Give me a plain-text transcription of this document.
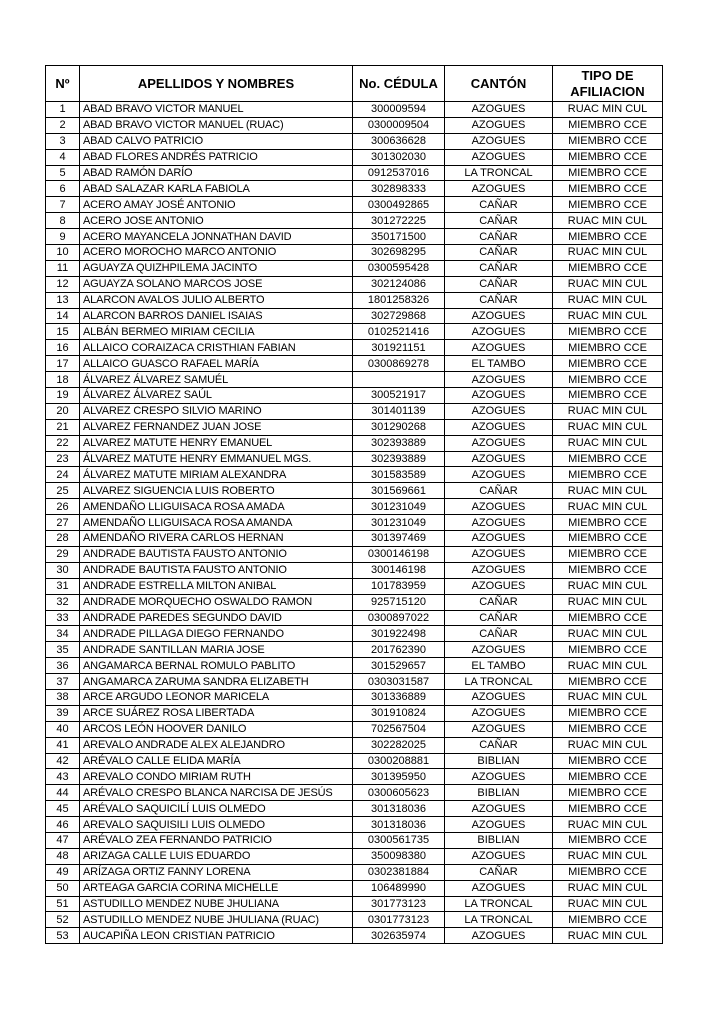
Nº	APELLIDOS Y NOMBRES	No. CÉDULA	CANTÓN	TIPO DE AFILIACION
1	ABAD BRAVO VICTOR MANUEL	300009594	AZOGUES	RUAC MIN CUL
2	ABAD BRAVO VICTOR MANUEL (RUAC)	0300009504	AZOGUES	MIEMBRO CCE
3	ABAD CALVO PATRICIO	300636628	AZOGUES	MIEMBRO CCE
4	ABAD FLORES ANDRÉS PATRICIO	301302030	AZOGUES	MIEMBRO CCE
5	ABAD RAMÓN DARÍO	0912537016	LA TRONCAL	MIEMBRO CCE
6	ABAD SALAZAR KARLA FABIOLA	302898333	AZOGUES	MIEMBRO CCE
7	ACERO AMAY JOSÉ ANTONIO	0300492865	CAÑAR	MIEMBRO CCE
8	ACERO JOSE ANTONIO	301272225	CAÑAR	RUAC MIN CUL
9	ACERO MAYANCELA JONNATHAN DAVID	350171500	CAÑAR	MIEMBRO CCE
10	ACERO MOROCHO MARCO ANTONIO	302698295	CAÑAR	RUAC MIN CUL
11	AGUAYZA QUIZHPILEMA JACINTO	0300595428	CAÑAR	MIEMBRO CCE
12	AGUAYZA SOLANO MARCOS JOSE	302124086	CAÑAR	RUAC MIN CUL
13	ALARCON AVALOS JULIO ALBERTO	1801258326	CAÑAR	RUAC MIN CUL
14	ALARCON BARROS DANIEL ISAIAS	302729868	AZOGUES	RUAC MIN CUL
15	ALBÁN BERMEO MIRIAM CECILIA	0102521416	AZOGUES	MIEMBRO CCE
16	ALLAICO CORAIZACA CRISTHIAN FABIAN	301921151	AZOGUES	MIEMBRO CCE
17	ALLAICO GUASCO RAFAEL MARÍA	0300869278	EL TAMBO	MIEMBRO CCE
18	ÁLVAREZ ÁLVAREZ SAMUÉL		AZOGUES	MIEMBRO CCE
19	ÁLVAREZ ÁLVAREZ SAÚL	300521917	AZOGUES	MIEMBRO CCE
20	ALVAREZ CRESPO SILVIO MARINO	301401139	AZOGUES	RUAC MIN CUL
21	ALVAREZ FERNANDEZ JUAN JOSE	301290268	AZOGUES	RUAC MIN CUL
22	ALVAREZ MATUTE HENRY EMANUEL	302393889	AZOGUES	RUAC MIN CUL
23	ÁLVAREZ MATUTE HENRY EMMANUEL MGS.	302393889	AZOGUES	MIEMBRO CCE
24	ÁLVAREZ MATUTE MIRIAM ALEXANDRA	301583589	AZOGUES	MIEMBRO CCE
25	ALVAREZ SIGUENCIA LUIS ROBERTO	301569661	CAÑAR	RUAC MIN CUL
26	AMENDAÑO LLIGUISACA ROSA AMADA	301231049	AZOGUES	RUAC MIN CUL
27	AMENDAÑO LLIGUISACA ROSA AMANDA	301231049	AZOGUES	MIEMBRO CCE
28	AMENDAÑO RIVERA CARLOS HERNAN	301397469	AZOGUES	MIEMBRO CCE
29	ANDRADE BAUTISTA FAUSTO ANTONIO	0300146198	AZOGUES	MIEMBRO CCE
30	ANDRADE BAUTISTA FAUSTO ANTONIO	300146198	AZOGUES	MIEMBRO CCE
31	ANDRADE ESTRELLA MILTON ANIBAL	101783959	AZOGUES	RUAC MIN CUL
32	ANDRADE MORQUECHO OSWALDO RAMON	925715120	CAÑAR	RUAC MIN CUL
33	ANDRADE PAREDES SEGUNDO DAVID	0300897022	CAÑAR	MIEMBRO CCE
34	ANDRADE PILLAGA DIEGO FERNANDO	301922498	CAÑAR	RUAC MIN CUL
35	ANDRADE SANTILLAN MARIA JOSE	201762390	AZOGUES	MIEMBRO CCE
36	ANGAMARCA BERNAL ROMULO PABLITO	301529657	EL TAMBO	RUAC MIN CUL
37	ANGAMARCA ZARUMA SANDRA ELIZABETH	0303031587	LA TRONCAL	MIEMBRO CCE
38	ARCE ARGUDO LEONOR MARICELA	301336889	AZOGUES	RUAC MIN CUL
39	ARCE SUÁREZ ROSA LIBERTADA	301910824	AZOGUES	MIEMBRO CCE
40	ARCOS LEÓN HOOVER DANILO	702567504	AZOGUES	MIEMBRO CCE
41	AREVALO ANDRADE ALEX ALEJANDRO	302282025	CAÑAR	RUAC MIN CUL
42	ARÉVALO CALLE ELIDA MARÍA	0300208881	BIBLIAN	MIEMBRO CCE
43	AREVALO CONDO MIRIAM RUTH	301395950	AZOGUES	MIEMBRO CCE
44	ARÉVALO CRESPO BLANCA NARCISA DE JESÚS	0300605623	BIBLIAN	MIEMBRO CCE
45	ARÉVALO SAQUICILÍ LUIS OLMEDO	301318036	AZOGUES	MIEMBRO CCE
46	AREVALO SAQUISILI LUIS OLMEDO	301318036	AZOGUES	RUAC MIN CUL
47	ARÉVALO ZEA FERNANDO PATRICIO	0300561735	BIBLIAN	MIEMBRO CCE
48	ARIZAGA CALLE LUIS EDUARDO	350098380	AZOGUES	RUAC MIN CUL
49	ARÍZAGA ORTIZ FANNY LORENA	0302381884	CAÑAR	MIEMBRO CCE
50	ARTEAGA GARCIA CORINA MICHELLE	106489990	AZOGUES	RUAC MIN CUL
51	ASTUDILLO MENDEZ NUBE JHULIANA	301773123	LA TRONCAL	RUAC MIN CUL
52	ASTUDILLO MENDEZ NUBE JHULIANA (RUAC)	0301773123	LA TRONCAL	MIEMBRO CCE
53	AUCAPIÑA LEON CRISTIAN PATRICIO	302635974	AZOGUES	RUAC MIN CUL
